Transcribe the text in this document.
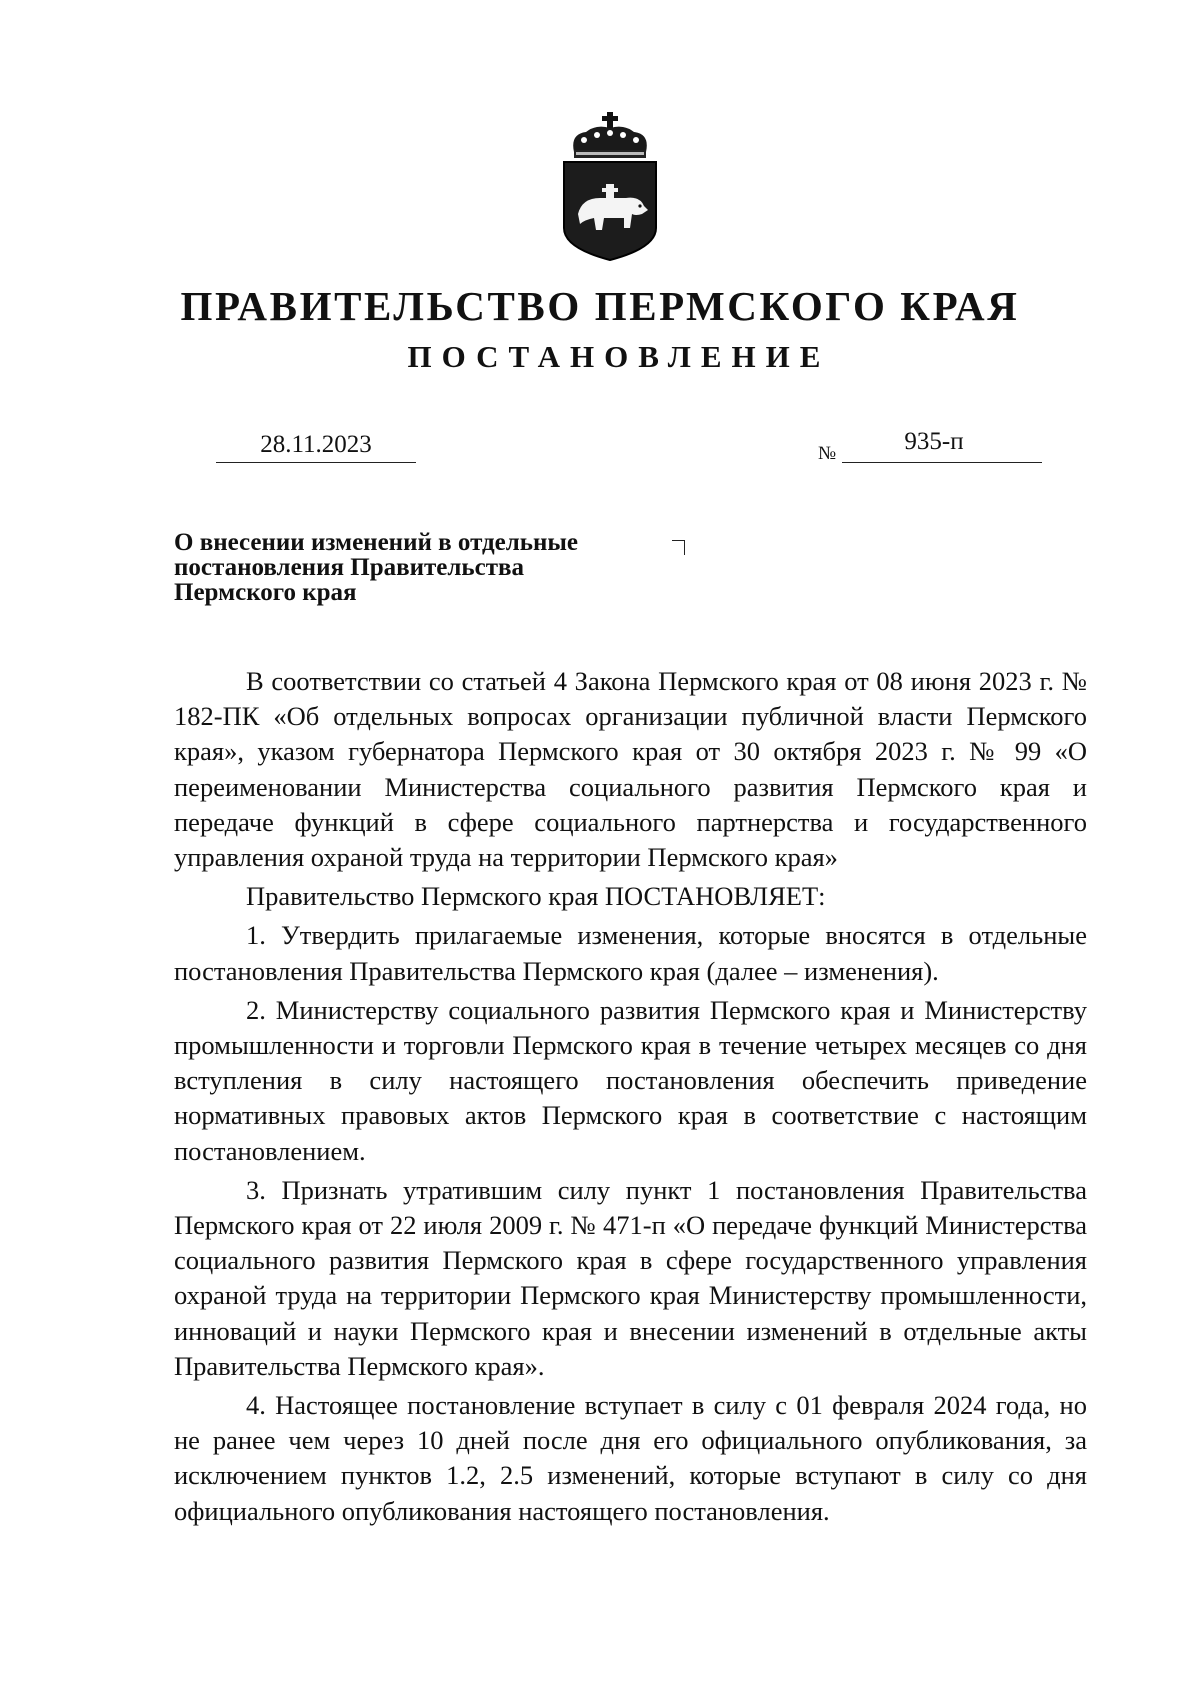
ПРАВИТЕЛЬСТВО ПЕРМСКОГО КРАЯ
ПОСТАНОВЛЕНИЕ
28.11.2023	№	935-п
О внесении изменений в отдельные
постановления Правительства
Пермского края

В соответствии со статьей 4 Закона Пермского края от 08 июня 2023 г. № 182-ПК «Об отдельных вопросах организации публичной власти Пермского края», указом губернатора Пермского края от 30 октября 2023 г. № 99 «О переименовании Министерства социального развития Пермского края и передаче функций в сфере социального партнерства и государственного управления охраной труда на территории Пермского края»

Правительство Пермского края ПОСТАНОВЛЯЕТ:

1. Утвердить прилагаемые изменения, которые вносятся в отдельные постановления Правительства Пермского края (далее – изменения).

2. Министерству социального развития Пермского края и Министерству промышленности и торговли Пермского края в течение четырех месяцев со дня вступления в силу настоящего постановления обеспечить приведение нормативных правовых актов Пермского края в соответствие с настоящим постановлением.

3. Признать утратившим силу пункт 1 постановления Правительства Пермского края от 22 июля 2009 г. № 471-п «О передаче функций Министерства социального развития Пермского края в сфере государственного управления охраной труда на территории Пермского края Министерству промышленности, инноваций и науки Пермского края и внесении изменений в отдельные акты Правительства Пермского края».

4. Настоящее постановление вступает в силу с 01 февраля 2024 года, но не ранее чем через 10 дней после дня его официального опубликования, за исключением пунктов 1.2, 2.5 изменений, которые вступают в силу со дня официального опубликования настоящего постановления.
